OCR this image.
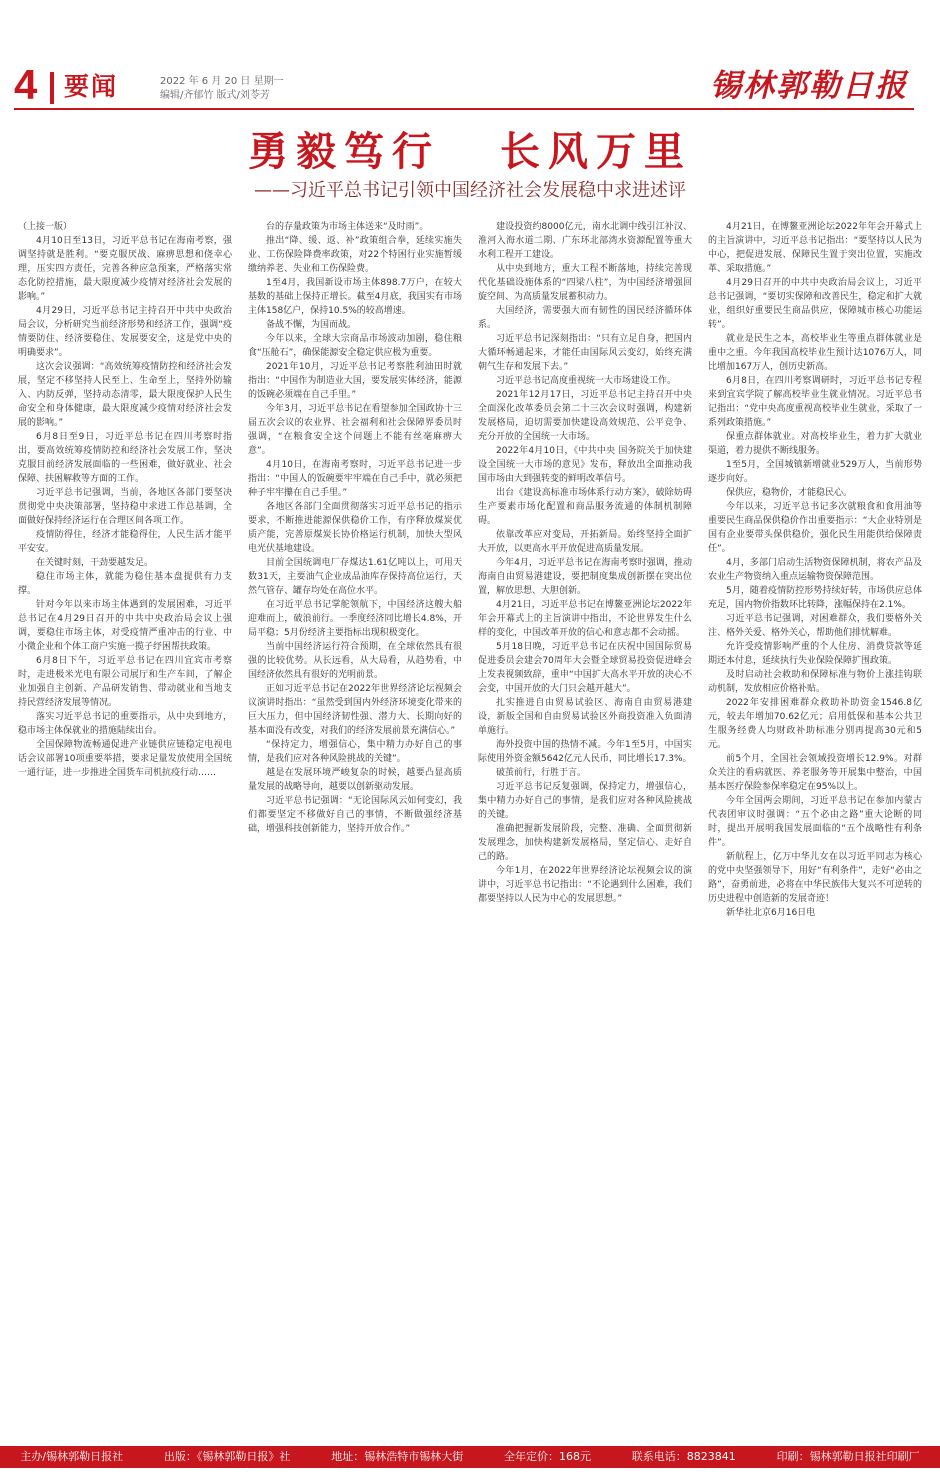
4 要闻	2022 年 6 月 20 日 星期一
编辑/齐郁竹 版式/刘苓芳	锡林郭勒日报
勇毅笃行 长风万里
——习近平总书记引领中国经济社会发展稳中求进述评

（上接一版）

4月10日至13日，习近平总书记在海南考察，强调坚持就是胜利。“要克服厌战、麻痹思想和侥幸心理，压实四方责任，完善各种应急预案，严格落实常态化防控措施，最大限度减少疫情对经济社会发展的影响。”

4月29日，习近平总书记主持召开中共中央政治局会议，分析研究当前经济形势和经济工作，强调“疫情要防住、经济要稳住、发展要安全，这是党中央的明确要求”。

这次会议强调：“高效统筹疫情防控和经济社会发展，坚定不移坚持人民至上、生命至上，坚持外防输入、内防反弹，坚持动态清零，最大限度保护人民生命安全和身体健康，最大限度减少疫情对经济社会发展的影响。”

6月8日至9日，习近平总书记在四川考察时指出，要高效统筹疫情防控和经济社会发展工作，坚决克服目前经济发展面临的一些困难，做好就业、社会保障、扶困解救等方面的工作。

习近平总书记强调，当前，各地区各部门要坚决贯彻党中央决策部署，坚持稳中求进工作总基调，全面做好保持经济运行在合理区间各项工作。

疫情防得住，经济才能稳得住，人民生活才能平平安安。

在关键时刻，干劲要越发足。

稳住市场主体，就能为稳住基本盘提供有力支撑。

针对今年以来市场主体遇到的发展困难，习近平总书记在4月29日召开的中共中央政治局会议上强调，要稳住市场主体，对受疫情严重冲击的行业、中小微企业和个体工商户实施一揽子纾困帮扶政策。

6月8日下午，习近平总书记在四川宜宾市考察时，走进极米光电有限公司展厅和生产车间，了解企业加强自主创新、产品研发销售、带动就业和当地支持民营经济发展等情况。

落实习近平总书记的重要指示，从中央到地方，稳市场主体保就业的措施陆续出台。

全国保障物流畅通促进产业链供应链稳定电视电话会议部署10项重要举措，要求足量发放使用全国统一通行证，进一步推进全国货车司机抗疫行动……

台的存量政策为市场主体送来“及时雨”。

推出“降、缓、返、补”政策组合拳，延续实施失业、工伤保险降费率政策，对22个特困行业实施暂缓缴纳养老、失业和工伤保险费。

1至4月，我国新设市场主体898.7万户，在较大基数的基础上保持正增长。截至4月底，我国实有市场主体158亿户，保持10.5%的较高增速。

备战不懈，为国而战。

今年以来，全球大宗商品市场波动加剧，稳住粮食“压舱石”，确保能源安全稳定供应极为重要。

2021年10月，习近平总书记考察胜利油田时就指出：“中国作为制造业大国，要发展实体经济，能源的饭碗必须端在自己手里。”

今年3月，习近平总书记在看望参加全国政协十三届五次会议的农业界、社会福利和社会保障界委员时强调，“在粮食安全这个问题上不能有丝毫麻痹大意”。

4月10日，在海南考察时，习近平总书记进一步指出：“中国人的饭碗要牢牢端在自己手中，就必须把种子牢牢攥在自己手里。”

各地区各部门全面贯彻落实习近平总书记的指示要求，不断推进能源保供稳价工作，有序释放煤炭优质产能，完善原煤炭长协价格运行机制，加快大型风电光伏基地建设。

目前全国统调电厂存煤达1.61亿吨以上，可用天数31天，主要油气企业成品油库存保持高位运行，天然气管存、罐存均处在高位水平。

在习近平总书记掌舵领航下，中国经济这艘大船迎难而上，破浪前行。一季度经济同比增长4.8%，开局平稳；5月份经济主要指标出现积极变化。

当前中国经济运行符合预期，在全球依然具有很强的比较优势。从长远看，从大局看，从趋势看，中国经济依然具有很好的光明前景。

正如习近平总书记在2022年世界经济论坛视频会议演讲时指出：“虽然受到国内外经济环境变化带来的巨大压力，但中国经济韧性强、潜力大、长期向好的基本面没有改变，对我们的经济发展前景充满信心。”

“保持定力，增强信心，集中精力办好自己的事情，是我们应对各种风险挑战的关键”。

越是在发展环境严峻复杂的时候，越要凸显高质量发展的战略导向，越要以创新驱动发展。

习近平总书记强调：“无论国际风云如何变幻，我们都要坚定不移做好自己的事情，不断做强经济基础，增强科技创新能力，坚持开放合作。”

建设投资约8000亿元，南水北调中线引江补汉、淮河入海水道二期、广东环北部湾水资源配置等重大水利工程开工建设。

从中央到地方，重大工程不断落地，持续完善现代化基础设施体系的“四梁八柱”，为中国经济增强回旋空间、为高质量发展蓄积动力。

大国经济，需要强大而有韧性的国民经济循环体系。

习近平总书记深刻指出：“只有立足自身，把国内大循环畅通起来，才能任由国际风云变幻，始终充满朝气生存和发展下去。”

习近平总书记高度重视统一大市场建设工作。

2021年12月17日，习近平总书记主持召开中央全面深化改革委员会第二十三次会议时强调，构建新发展格局，迫切需要加快建设高效规范、公平竞争、充分开放的全国统一大市场。

2022年4月10日，《中共中央 国务院关于加快建设全国统一大市场的意见》发布，释放出全面推动我国市场由大到强转变的鲜明改革信号。

出台《建设高标准市场体系行动方案》，破除妨碍生产要素市场化配置和商品服务流通的体制机制障碍。

依靠改革应对变局，开拓新局。始终坚持全面扩大开放，以更高水平开放促进高质量发展。

今年4月，习近平总书记在海南考察时强调，推动海南自由贸易港建设，要把制度集成创新摆在突出位置，解放思想、大胆创新。

4月21日，习近平总书记在博鳌亚洲论坛2022年年会开幕式上的主旨演讲中指出，不论世界发生什么样的变化，中国改革开放的信心和意志都不会动摇。

5月18日晚，习近平总书记在庆祝中国国际贸易促进委员会建会70周年大会暨全球贸易投资促进峰会上发表视频致辞，重申“中国扩大高水平开放的决心不会变，中国开放的大门只会越开越大”。

扎实推进自由贸易试验区、海南自由贸易港建设，新版全国和自由贸易试验区外商投资准入负面清单施行。

海外投资中国的热情不减。今年1至5月，中国实际使用外资金额5642亿元人民币，同比增长17.3%。

破茧前行，行胜于言。

习近平总书记反复强调，保持定力，增强信心，集中精力办好自己的事情，是我们应对各种风险挑战的关键。

准确把握新发展阶段，完整、准确、全面贯彻新发展理念，加快构建新发展格局，坚定信心、走好自己的路。

今年1月，在2022年世界经济论坛视频会议的演讲中，习近平总书记指出：“不论遇到什么困难，我们都要坚持以人民为中心的发展思想。”

4月21日，在博鳌亚洲论坛2022年年会开幕式上的主旨演讲中，习近平总书记指出：“要坚持以人民为中心，把促进发展、保障民生置于突出位置，实施改革、采取措施。”

4月29日召开的中共中央政治局会议上，习近平总书记强调，“要切实保障和改善民生，稳定和扩大就业，组织好重要民生商品供应，保障城市核心功能运转”。

就业是民生之本，高校毕业生等重点群体就业是重中之重。今年我国高校毕业生预计达1076万人，同比增加167万人，创历史新高。

6月8日，在四川考察调研时，习近平总书记专程来到宜宾学院了解高校毕业生就业情况。习近平总书记指出：“党中央高度重视高校毕业生就业，采取了一系列政策措施。”

保重点群体就业。对高校毕业生，着力扩大就业渠道，着力提供不断线服务。

1至5月，全国城镇新增就业529万人，当前形势逐步向好。

保供应，稳物价，才能稳民心。

今年以来，习近平总书记多次就粮食和食用油等重要民生商品保供稳价作出重要指示：“大企业特别是国有企业要带头保供稳价，强化民生用能供给保障责任”。

4月，多部门启动生活物资保障机制，将农产品及农业生产物资纳入重点运输物资保障范围。

5月，随着疫情防控形势持续好转，市场供应总体充足，国内物价指数环比转降，涨幅保持在2.1%。

习近平总书记强调，对困难群众，我们要格外关注、格外关爱、格外关心，帮助他们排忧解难。

允许受疫情影响严重的个人住房、消费贷款等延期还本付息，延续执行失业保险保障扩围政策。

及时启动社会救助和保障标准与物价上涨挂钩联动机制，发放相应价格补贴。

2022年安排困难群众救助补助资金1546.8亿元，较去年增加70.62亿元；启用低保和基本公共卫生服务经费人均财政补助标准分别再提高30元和5元。

前5个月，全国社会领域投资增长12.9%。对群众关注的看病就医、养老服务等开展集中整治，中国基本医疗保险参保率稳定在95%以上。

今年全国两会期间，习近平总书记在参加内蒙古代表团审议时强调：“五个必由之路”重大论断的同时，提出开展明我国发展面临的“五个战略性有利条件”。

新航程上，亿万中华儿女在以习近平同志为核心的党中央坚强领导下，用好“有利条件”，走好“必由之路”，奋勇前进，必将在中华民族伟大复兴不可逆转的历史进程中创造新的发展奇迹！

新华社北京6月16日电

主办/锡林郭勒日报社	出版：《锡林郭勒日报》社	地址：锡林浩特市锡林大街	全年定价：168元	联系电话：8823841	印刷：锡林郭勒日报社印刷厂
